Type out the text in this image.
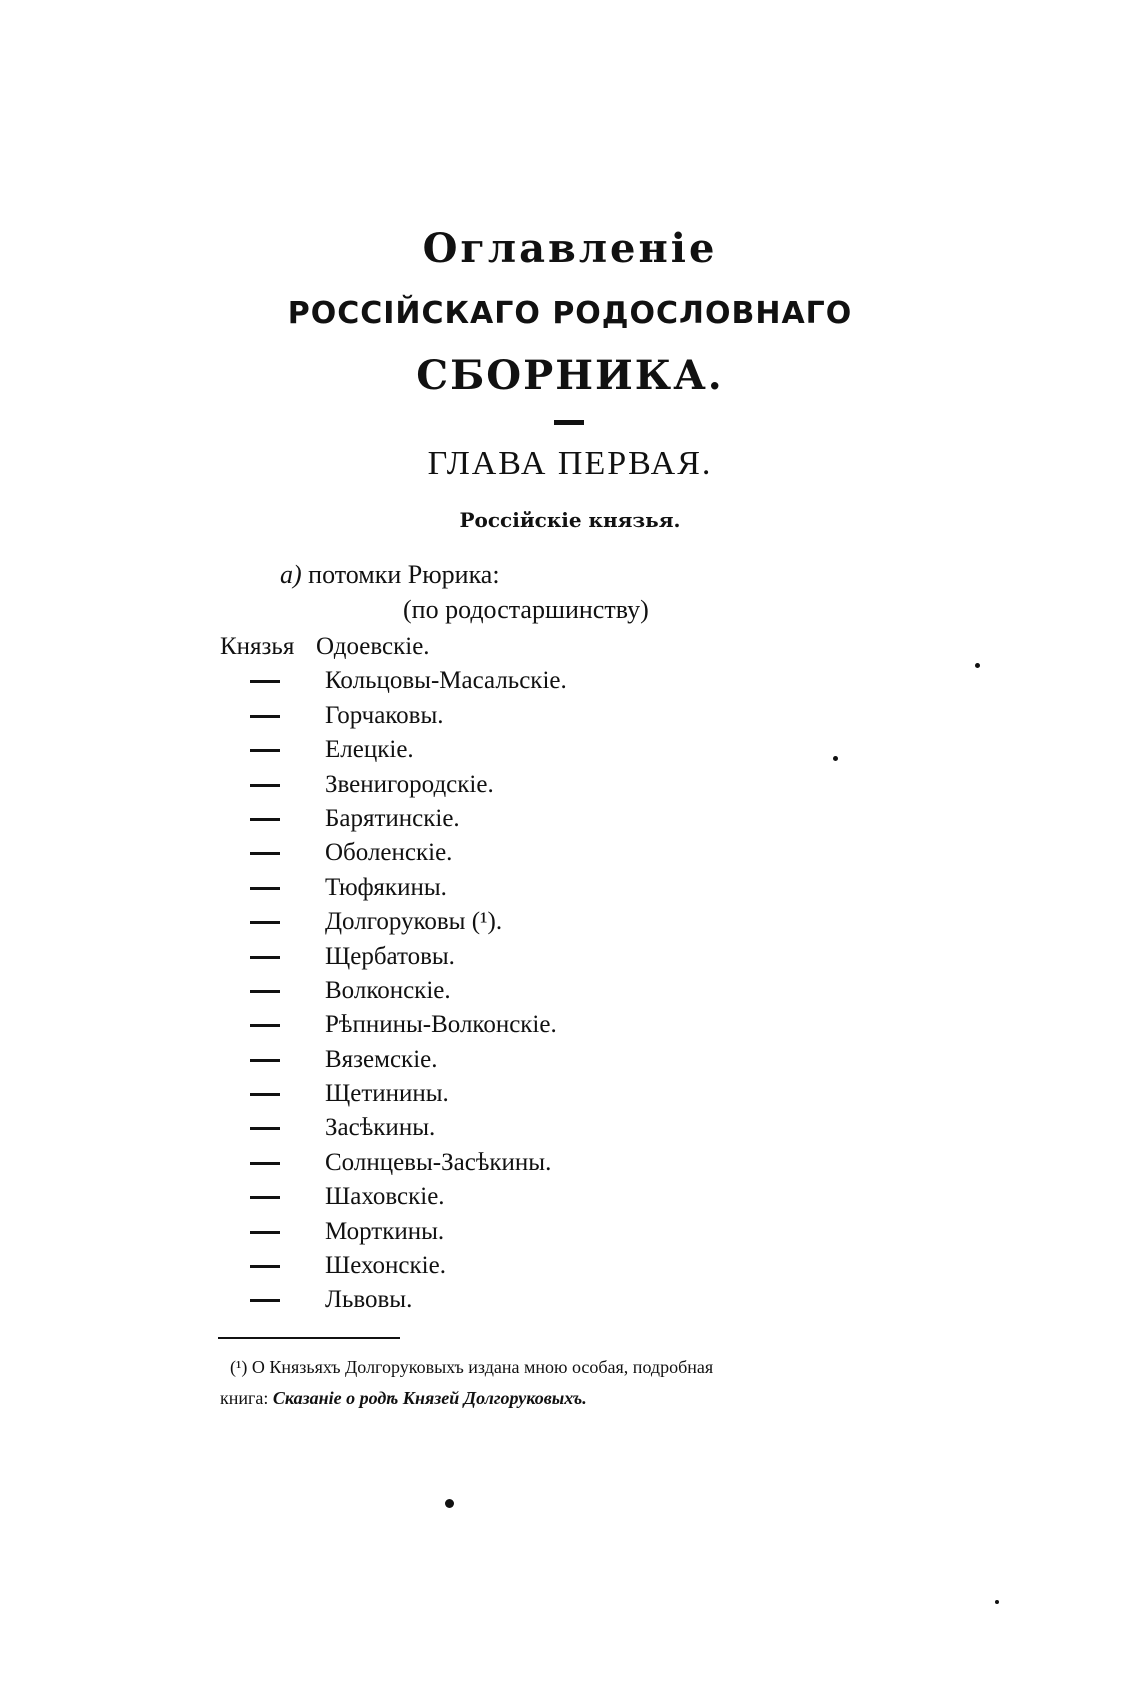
Оглавленіе
РОССІЙСКАГО РОДОСЛОВНАГО
СБОРНИКА.
ГЛАВА ПЕРВАЯ.
Россійскіе князья.
а) потомки Рюрика:
(по родостаршинству)
Князья Одоевскіе.
Кольцовы-Масальскіе.
Горчаковы.
Елецкіе.
Звенигородскіе.
Барятинскіе.
Оболенскіе.
Тюфякины.
Долгоруковы (¹).
Щербатовы.
Волконскіе.
Рѣпнины-Волконскіе.
Вяземскіе.
Щетинины.
Засѣкины.
Солнцевы-Засѣкины.
Шаховскіе.
Морткины.
Шехонскіе.
Львовы.
(¹) О Князьяхъ Долгоруковыхъ издана мною особая, подробная
книга: Сказаніе о родѣ Князей Долгоруковыхъ.
